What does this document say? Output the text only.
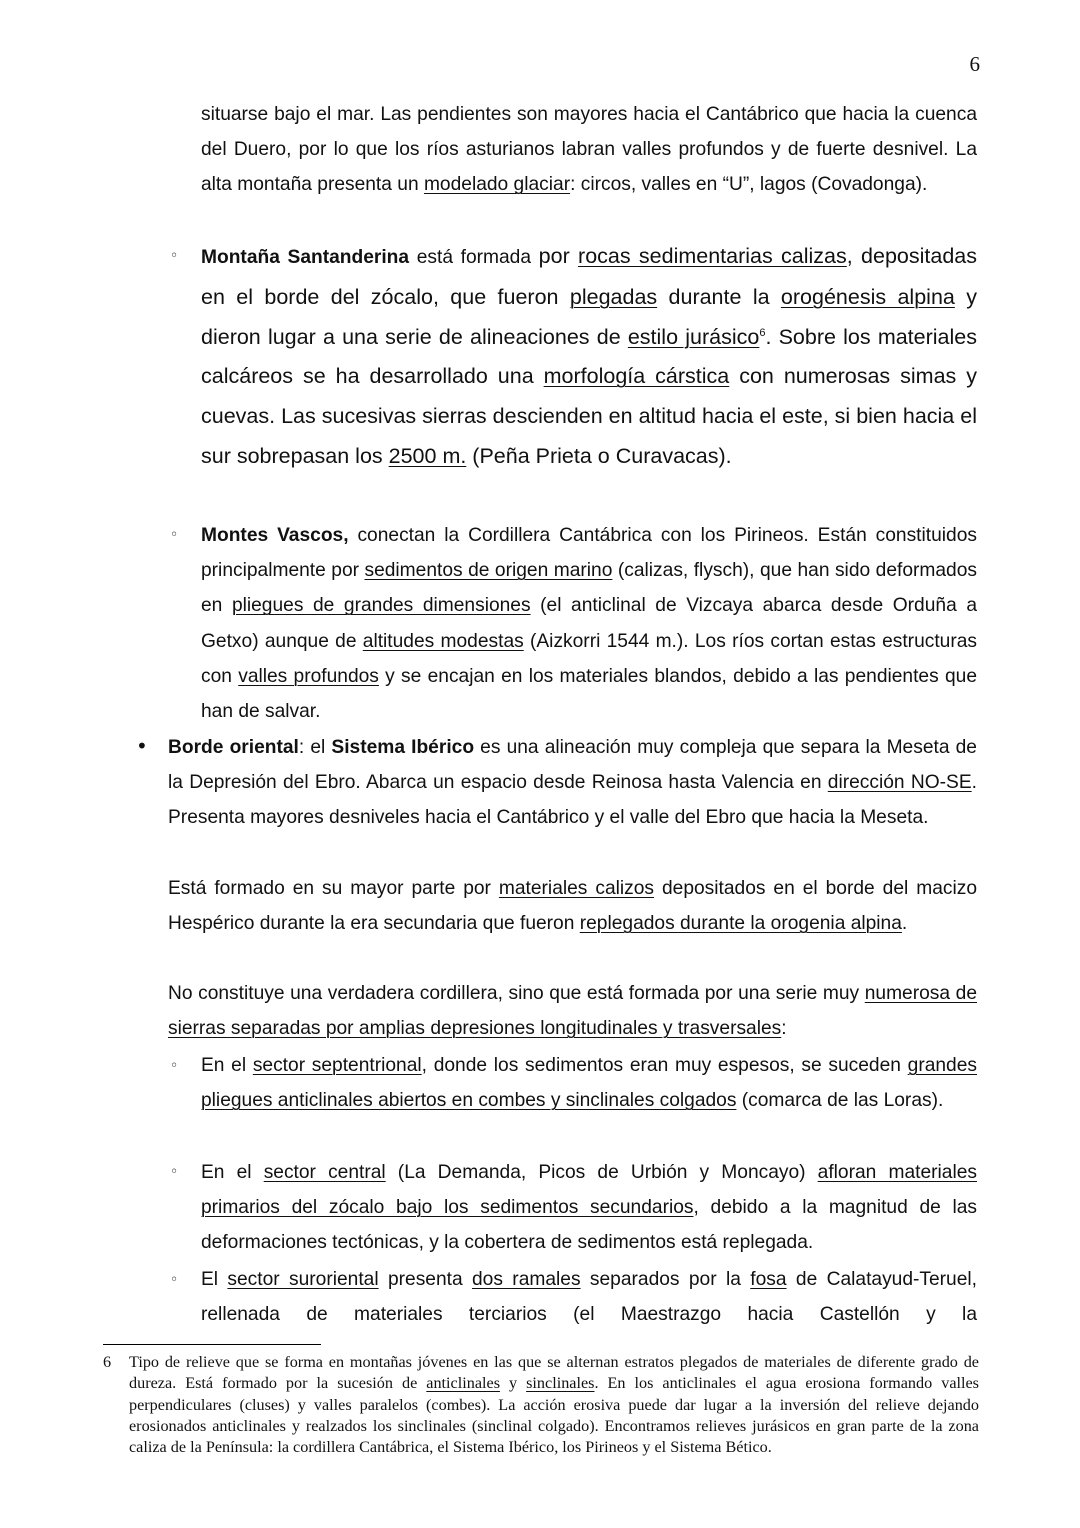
6
situarse bajo el mar. Las pendientes son mayores hacia el Cantábrico que hacia la cuenca del Duero, por lo que los ríos asturianos labran valles profundos y de fuerte desnivel. La alta montaña presenta un modelado glaciar: circos, valles en “U”, lagos (Covadonga).
◦ Montaña Santanderina está formada por rocas sedimentarias calizas, depositadas en el borde del zócalo, que fueron plegadas durante la orogénesis alpina y dieron lugar a una serie de alineaciones de estilo jurásico$^6$. Sobre los materiales calcáreos se ha desarrollado una morfología cárstica con numerosas simas y cuevas. Las sucesivas sierras descienden en altitud hacia el este, si bien hacia el sur sobrepasan los 2500 m. (Peña Prieta o Curavacas).
◦ Montes Vascos, conectan la Cordillera Cantábrica con los Pirineos. Están constituidos principalmente por sedimentos de origen marino (calizas, flysch), que han sido deformados en pliegues de grandes dimensiones (el anticlinal de Vizcaya abarca desde Orduña a Getxo) aunque de altitudes modestas (Aizkorri 1544 m.). Los ríos cortan estas estructuras con valles profundos y se encajan en los materiales blandos, debido a las pendientes que han de salvar.
• Borde oriental: el Sistema Ibérico es una alineación muy compleja que separa la Meseta de la Depresión del Ebro. Abarca un espacio desde Reinosa hasta Valencia en dirección NO-SE. Presenta mayores desniveles hacia el Cantábrico y el valle del Ebro que hacia la Meseta.
Está formado en su mayor parte por materiales calizos depositados en el borde del macizo Hespérico durante la era secundaria que fueron replegados durante la orogenia alpina.
No constituye una verdadera cordillera, sino que está formada por una serie muy numerosa de sierras separadas por amplias depresiones longitudinales y trasversales:
◦ En el sector septentrional, donde los sedimentos eran muy espesos, se suceden grandes pliegues anticlinales abiertos en combes y sinclinales colgados (comarca de las Loras).
◦ En el sector central (La Demanda, Picos de Urbión y Moncayo) afloran materiales primarios del zócalo bajo los sedimentos secundarios, debido a la magnitud de las deformaciones tectónicas, y la cobertera de sedimentos está replegada.
◦ El sector suroriental presenta dos ramales separados por la fosa de Calatayud-Teruel, rellenada de materiales terciarios (el Maestrazgo hacia Castellón y la
6 Tipo de relieve que se forma en montañas jóvenes en las que se alternan estratos plegados de materiales de diferente grado de dureza. Está formado por la sucesión de anticlinales y sinclinales. En los anticlinales el agua erosiona formando valles perpendiculares (cluses) y valles paralelos (combes). La acción erosiva puede dar lugar a la inversión del relieve dejando erosionados anticlinales y realzados los sinclinales (sinclinal colgado). Encontramos relieves jurásicos en gran parte de la zona caliza de la Península: la cordillera Cantábrica, el Sistema Ibérico, los Pirineos y el Sistema Bético.
